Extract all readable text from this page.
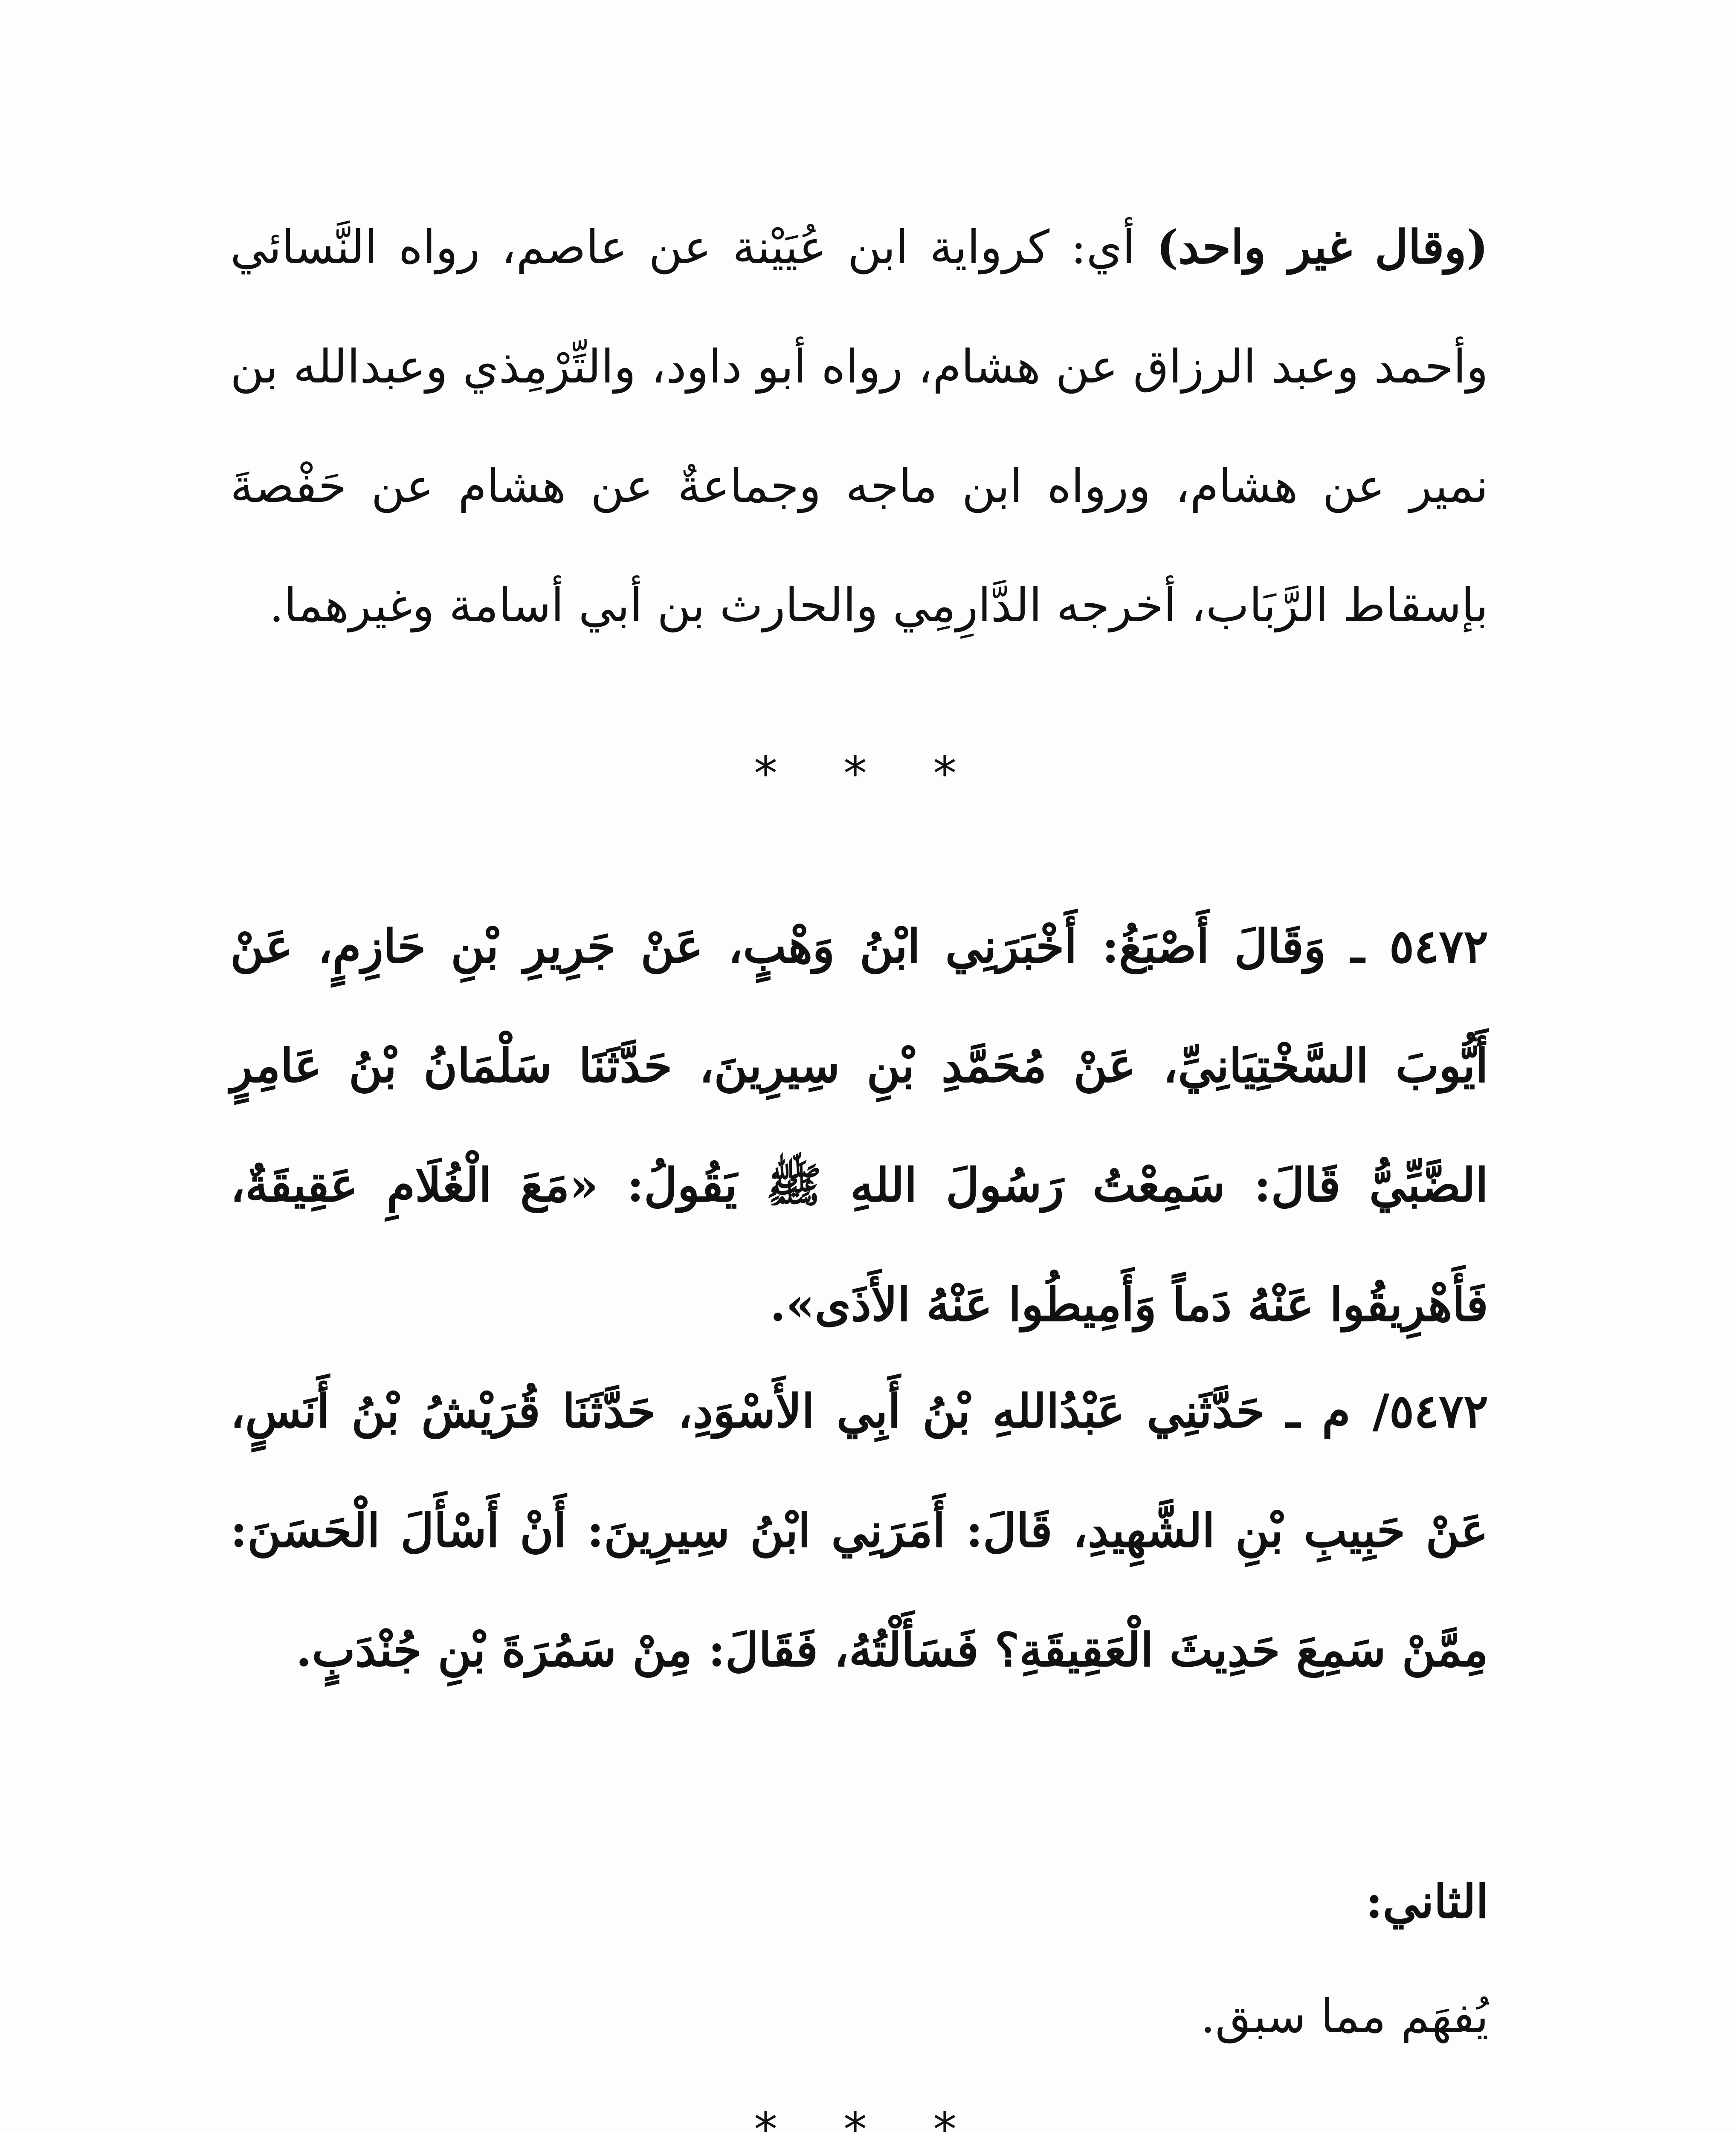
(وقال غير واحد) أي: كرواية ابن عُيَيْنة عن عاصم، رواه النَّسائي وأحمد وعبد الرزاق عن هشام، رواه أبو داود، والتِّرْمِذي وعبدالله بن نمير عن هشام، ورواه ابن ماجه وجماعةٌ عن هشام عن حَفْصةَ بإسقاط الرَّبَاب، أخرجه الدَّارِمِي والحارث بن أبي أسامة وغيرهما.

* * *

٥٤٧٢ ـ وَقَالَ أَصْبَغُ: أَخْبَرَنِي ابْنُ وَهْبٍ، عَنْ جَرِيرِ بْنِ حَازِمٍ، عَنْ أَيُّوبَ السَّخْتِيَانِيِّ، عَنْ مُحَمَّدِ بْنِ سِيرِينَ، حَدَّثَنَا سَلْمَانُ بْنُ عَامِرٍ الضَّبِّيُّ قَالَ: سَمِعْتُ رَسُولَ اللهِ ﷺ يَقُولُ: «مَعَ الْغُلَامِ عَقِيقَةٌ، فَأَهْرِيقُوا عَنْهُ دَماً وَأَمِيطُوا عَنْهُ الأَذَى».

٥٤٧٢/ م ـ حَدَّثَنِي عَبْدُاللهِ بْنُ أَبِي الأَسْوَدِ، حَدَّثَنَا قُرَيْشُ بْنُ أَنَسٍ، عَنْ حَبِيبِ بْنِ الشَّهِيدِ، قَالَ: أَمَرَنِي ابْنُ سِيرِينَ: أَنْ أَسْأَلَ الْحَسَنَ: مِمَّنْ سَمِعَ حَدِيثَ الْعَقِيقَةِ؟ فَسَأَلْتُهُ، فَقَالَ: مِنْ سَمُرَةَ بْنِ جُنْدَبٍ.

الثاني:

يُفهَم مما سبق.

* * *
